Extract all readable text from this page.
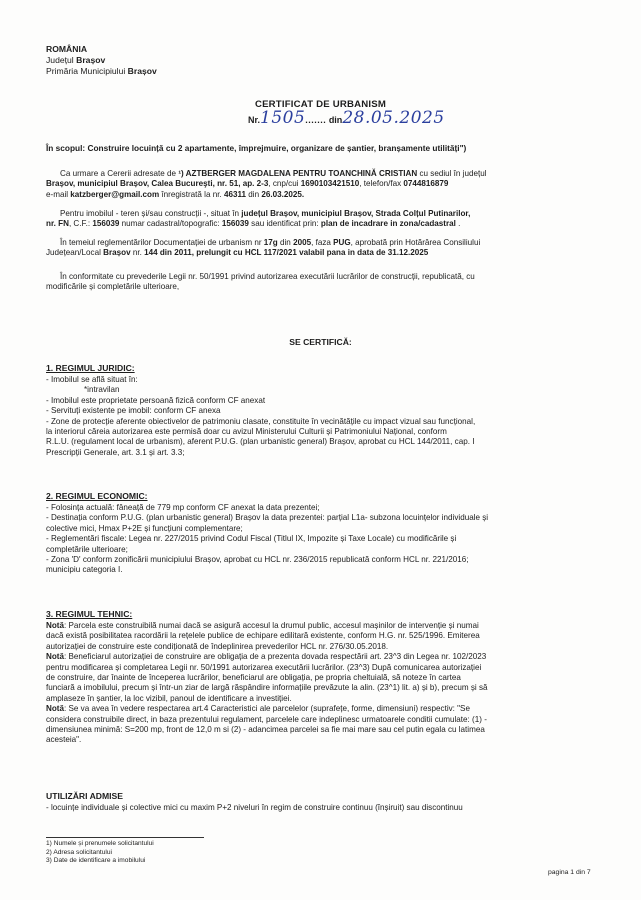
ROMÂNIA
Județul Brașov
Primăria Municipiului Brașov
CERTIFICAT DE URBANISM
Nr.1505....... din28.05.2025
În scopul: Construire locuință cu 2 apartamente, împrejmuire, organizare de șantier, branșamente utilități")
Ca urmare a Cererii adresate de ¹) AZTBERGER MAGDALENA PENTRU TOANCHINĂ CRISTIAN cu sediul în județul
Brașov, municipiul Brașov, Calea Bucureşti, nr. 51, ap. 2-3, cnp/cui 1690103421510, telefon/fax 0744816879
e-mail katzberger@gmail.com înregistrată la nr. 46311 din 26.03.2025.
Pentru imobilul - teren și/sau construcții -, situat în județul Brașov, municipiul Brașov, Strada Colțul Putinarilor,
nr. FN, C.F.: 156039 numar cadastral/topografic: 156039 sau identificat prin: plan de incadrare in zona/cadastral .
În temeiul reglementărilor Documentației de urbanism nr 17g din 2005, faza PUG, aprobată prin Hotărârea Consiliului
Județean/Local Brașov nr. 144 din 2011, prelungit cu HCL 117/2021 valabil pana in data de 31.12.2025
În conformitate cu prevederile Legii nr. 50/1991 privind autorizarea executării lucrărilor de construcții, republicată, cu
modificările și completările ulterioare,
SE CERTIFICĂ:
1. REGIMUL JURIDIC:
- Imobilul se află situat în:
*intravilan
- Imobilul este proprietate persoană fizică conform CF anexat
- Servituți existente pe imobil: conform CF anexa
- Zone de protecție aferente obiectivelor de patrimoniu clasate, constituite în vecinătățile cu impact vizual sau funcțional,
la interiorul căreia autorizarea este permisă doar cu avizul Ministerului Culturii și Patrimoniului Național, conform
R.L.U. (regulament local de urbanism), aferent P.U.G. (plan urbanistic general) Brașov, aprobat cu HCL 144/2011, cap. I
Prescripții Generale, art. 3.1 și art. 3.3;
2. REGIMUL ECONOMIC:
- Folosința actuală: fâneață de 779 mp conform CF anexat la data prezentei;
- Destinația conform P.U.G. (plan urbanistic general) Brașov la data prezentei: parțial L1a- subzona locuințelor individuale și
colective mici, Hmax P+2E și funcțiuni complementare;
- Reglementări fiscale: Legea nr. 227/2015 privind Codul Fiscal (Titlul IX, Impozite și Taxe Locale) cu modificările și
completările ulterioare;
- Zona 'D' conform zonificării municipiului Brașov, aprobat cu HCL nr. 236/2015 republicată conform HCL nr. 221/2016;
municipiu categoria I.
3. REGIMUL TEHNIC:
Notă: Parcela este construibilă numai dacă se asigură accesul la drumul public, accesul mașinilor de intervenție și numai
dacă există posibilitatea racordării la rețelele publice de echipare edilitară existente, conform H.G. nr. 525/1996. Emiterea
autorizației de construire este condiționată de îndeplinirea prevederilor HCL nr. 276/30.05.2018.
Notă: Beneficiarul autorizației de construire are obligația de a prezenta dovada respectării art. 23^3 din Legea nr. 102/2023
pentru modificarea și completarea Legii nr. 50/1991 autorizarea executării lucrărilor. (23^3) După comunicarea autorizației
de construire, dar înainte de începerea lucrărilor, beneficiarul are obligația, pe propria cheltuială, să noteze în cartea
funciară a imobilului, precum și într-un ziar de largă răspândire informațiile prevăzute la alin. (23^1) lit. a) și b), precum și să
amplaseze în șantier, la loc vizibil, panoul de identificare a investiției.
Notă: Se va avea în vedere respectarea art.4 Caracteristici ale parcelelor (suprafețe, forme, dimensiuni) respectiv: "Se
considera construibile direct, in baza prezentului regulament, parcelele care indeplinesc urmatoarele conditii cumulate: (1) -
dimensiunea minimă: S=200 mp, front de 12,0 m si (2) - adancimea parcelei sa fie mai mare sau cel putin egala cu latimea
acesteia".
UTILIZĂRI ADMISE
- locuințe individuale și colective mici cu maxim P+2 niveluri în regim de construire continuu (înșiruit) sau discontinuu
1) Numele și prenumele solicitantului
2) Adresa solicitantului
3) Date de identificare a imobilului
pagina 1 din 7
